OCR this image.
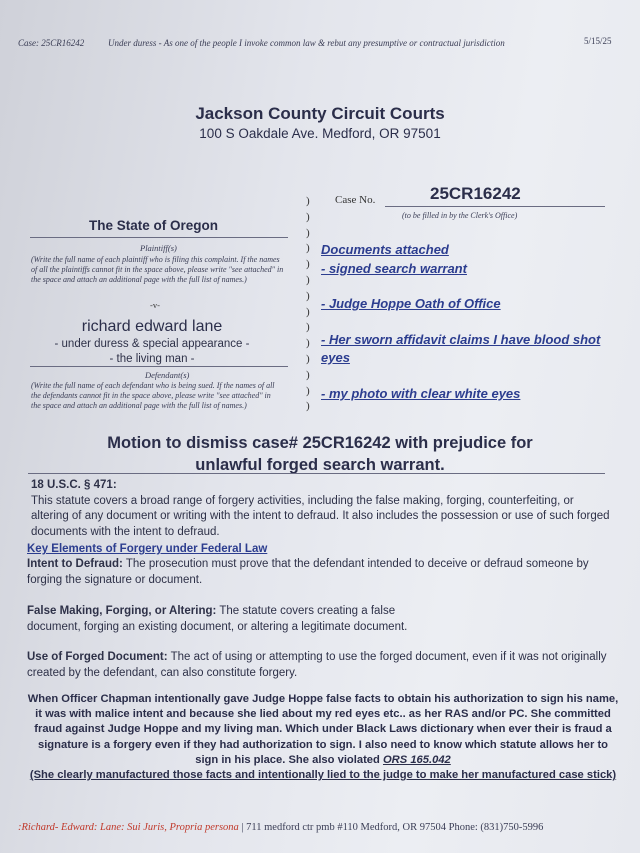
Case: 25CR16242	Under duress - As one of the people I invoke common law & rebut any presumptive or contractual jurisdiction	5/15/25
Jackson County Circuit Courts
100 S Oakdale Ave. Medford, OR 97501
)
)
)
)
)
)
)
)
)
)
)
)
)
)
Case No.	25CR16242
(to be filled in by the Clerk's Office)
The State of Oregon
Plaintiff(s)
(Write the full name of each plaintiff who is filing this complaint. If the names of all the plaintiffs cannot fit in the space above, please write "see attached" in the space and attach an additional page with the full list of names.)
-v-
richard edward lane
- under duress & special appearance -
- the living man -
Defendant(s)
(Write the full name of each defendant who is being sued. If the names of all the defendants cannot fit in the space above, please write "see attached" in the space and attach an additional page with the full list of names.)
Documents attached
- signed search warrant
- Judge Hoppe Oath of Office
- Her sworn affidavit claims I have blood shot eyes
- my photo with clear white eyes
Motion to dismiss case# 25CR16242 with prejudice for unlawful forged search warrant.
18 U.S.C. § 471:
This statute covers a broad range of forgery activities, including the false making, forging, counterfeiting, or altering of any document or writing with the intent to defraud. It also includes the possession or use of such forged documents with the intent to defraud.
Key Elements of Forgery under Federal Law
Intent to Defraud: The prosecution must prove that the defendant intended to deceive or defraud someone by forging the signature or document.
False Making, Forging, or Altering: The statute covers creating a false document, forging an existing document, or altering a legitimate document.
Use of Forged Document: The act of using or attempting to use the forged document, even if it was not originally created by the defendant, can also constitute forgery.
When Officer Chapman intentionally gave Judge Hoppe false facts to obtain his authorization to sign his name, it was with malice intent and because she lied about my red eyes etc.. as her RAS and/or PC. She committed fraud against Judge Hoppe and my living man. Which under Black Laws dictionary when ever their is fraud a signature is a forgery even if they had authorization to sign. I also need to know which statute allows her to sign in his place. She also violated ORS 165.042
(She clearly manufactured those facts and intentionally lied to the judge to make her manufactured case stick)
:Richard- Edward: Lane: Sui Juris, Propria persona | 711 medford ctr pmb #110 Medford, OR 97504 Phone: (831)750-5996
